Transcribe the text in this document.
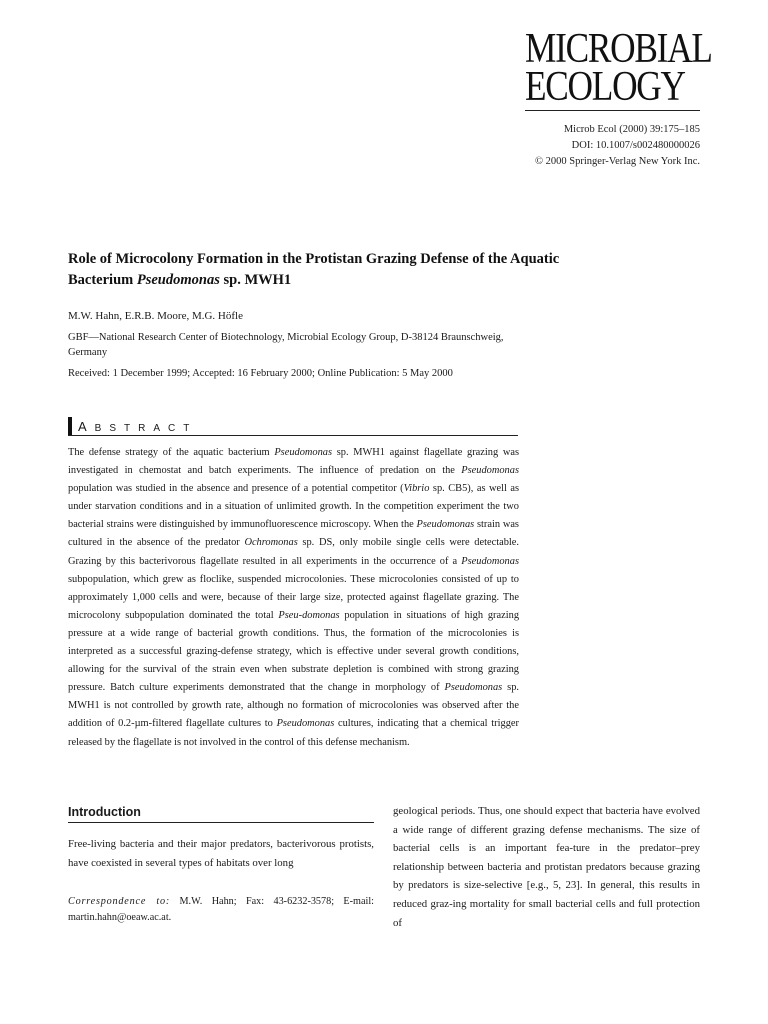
MICROBIAL
ECOLOGY
Microb Ecol (2000) 39:175–185
DOI: 10.1007/s002480000026
© 2000 Springer-Verlag New York Inc.
Role of Microcolony Formation in the Protistan Grazing Defense of the Aquatic Bacterium Pseudomonas sp. MWH1
M.W. Hahn, E.R.B. Moore, M.G. Höfle
GBF—National Research Center of Biotechnology, Microbial Ecology Group, D-38124 Braunschweig, Germany
Received: 1 December 1999; Accepted: 16 February 2000; Online Publication: 5 May 2000
ABSTRACT

The defense strategy of the aquatic bacterium Pseudomonas sp. MWH1 against flagellate grazing was investigated in chemostat and batch experiments. The influence of predation on the Pseudomonas population was studied in the absence and presence of a potential competitor (Vibrio sp. CB5), as well as under starvation conditions and in a situation of unlimited growth. In the competition experiment the two bacterial strains were distinguished by immunofluorescence microscopy. When the Pseudomonas strain was cultured in the absence of the predator Ochromonas sp. DS, only mobile single cells were detectable. Grazing by this bacterivorous flagellate resulted in all experiments in the occurrence of a Pseudomonas subpopulation, which grew as floclike, suspended microcolonies. These microcolonies consisted of up to approximately 1,000 cells and were, because of their large size, protected against flagellate grazing. The microcolony subpopulation dominated the total Pseu-domonas population in situations of high grazing pressure at a wide range of bacterial growth conditions. Thus, the formation of the microcolonies is interpreted as a successful grazing-defense strategy, which is effective under several growth conditions, allowing for the survival of the strain even when substrate depletion is combined with strong grazing pressure. Batch culture experiments demonstrated that the change in morphology of Pseudomonas sp. MWH1 is not controlled by growth rate, although no formation of microcolonies was observed after the addition of 0.2-µm-filtered flagellate cultures to Pseudomonas cultures, indicating that a chemical trigger released by the flagellate is not involved in the control of this defense mechanism.

Introduction

Free-living bacteria and their major predators, bacterivorous protists, have coexisted in several types of habitats over long

Correspondence to: M.W. Hahn; Fax: 43-6232-3578; E-mail: martin.hahn@oeaw.ac.at.

geological periods. Thus, one should expect that bacteria have evolved a wide range of different grazing defense mechanisms. The size of bacterial cells is an important fea-ture in the predator–prey relationship between bacteria and protistan predators because grazing by predators is size-selective [e.g., 5, 23]. In general, this results in reduced graz-ing mortality for small bacterial cells and full protection of
